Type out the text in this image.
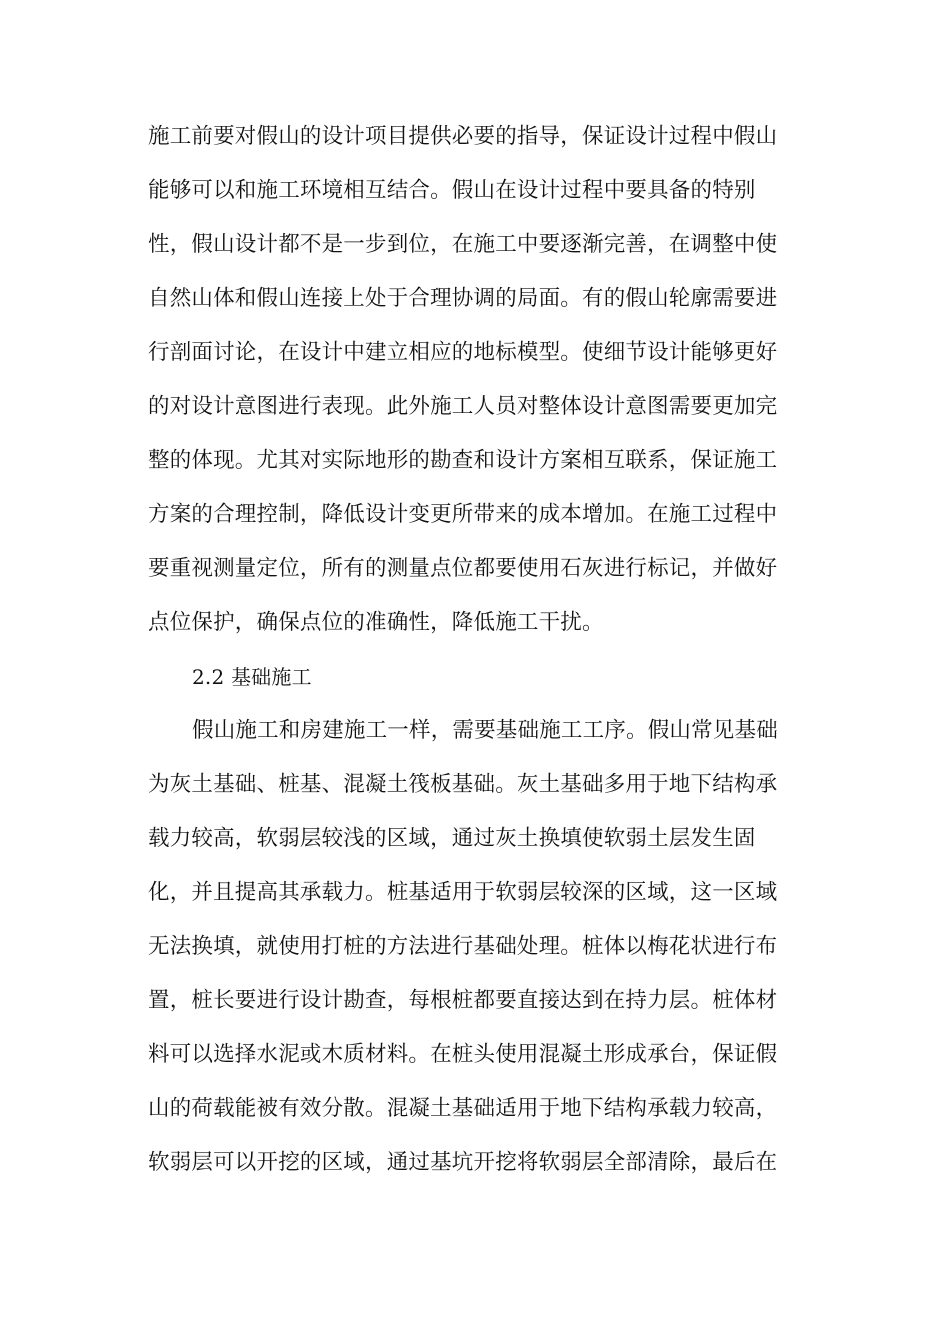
施工前要对假山的设计项目提供必要的指导，保证设计过程中假山
能够可以和施工环境相互结合。假山在设计过程中要具备的特别
性，假山设计都不是一步到位，在施工中要逐渐完善，在调整中使
自然山体和假山连接上处于合理协调的局面。有的假山轮廓需要进
行剖面讨论，在设计中建立相应的地标模型。使细节设计能够更好
的对设计意图进行表现。此外施工人员对整体设计意图需要更加完
整的体现。尤其对实际地形的勘查和设计方案相互联系，保证施工
方案的合理控制，降低设计变更所带来的成本增加。在施工过程中
要重视测量定位，所有的测量点位都要使用石灰进行标记，并做好
点位保护，确保点位的准确性，降低施工干扰。
2.2 基础施工
假山施工和房建施工一样，需要基础施工工序。假山常见基础
为灰土基础、桩基、混凝土筏板基础。灰土基础多用于地下结构承
载力较高，软弱层较浅的区域，通过灰土换填使软弱土层发生固
化，并且提高其承载力。桩基适用于软弱层较深的区域，这一区域
无法换填，就使用打桩的方法进行基础处理。桩体以梅花状进行布
置，桩长要进行设计勘查，每根桩都要直接达到在持力层。桩体材
料可以选择水泥或木质材料。在桩头使用混凝土形成承台，保证假
山的荷载能被有效分散。混凝土基础适用于地下结构承载力较高，
软弱层可以开挖的区域，通过基坑开挖将软弱层全部清除，最后在
